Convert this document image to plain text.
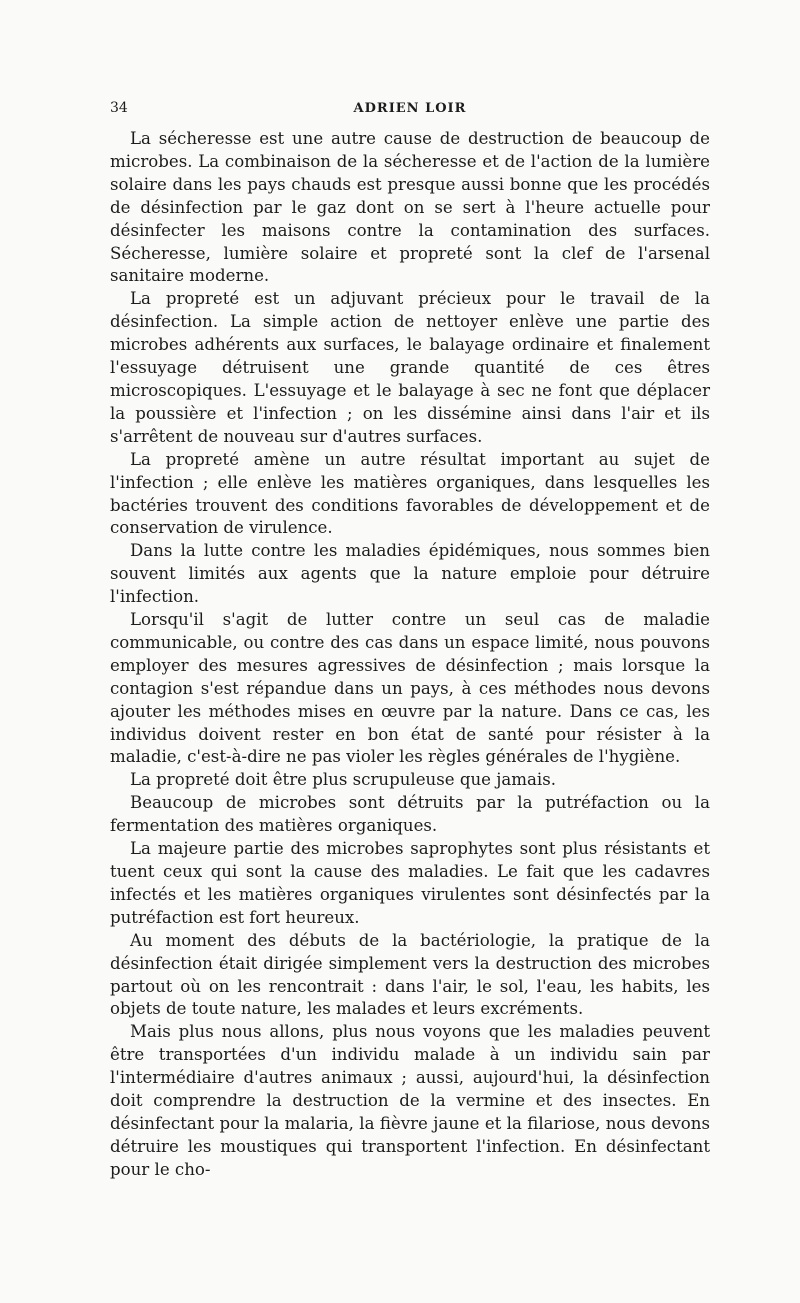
34	ADRIEN LOIR

La sécheresse est une autre cause de destruction de beaucoup de microbes. La combinaison de la sécheresse et de l'action de la lumière solaire dans les pays chauds est presque aussi bonne que les procédés de désinfection par le gaz dont on se sert à l'heure actuelle pour désinfecter les maisons contre la contamination des surfaces. Sécheresse, lumière solaire et propreté sont la clef de l'arsenal sanitaire moderne.

La propreté est un adjuvant précieux pour le travail de la désinfection. La simple action de nettoyer enlève une partie des microbes adhérents aux surfaces, le balayage ordinaire et finalement l'essuyage détruisent une grande quantité de ces êtres microscopiques. L'essuyage et le balayage à sec ne font que déplacer la poussière et l'infection ; on les dissémine ainsi dans l'air et ils s'arrêtent de nouveau sur d'autres surfaces.

La propreté amène un autre résultat important au sujet de l'infection ; elle enlève les matières organiques, dans lesquelles les bactéries trouvent des conditions favorables de développement et de conservation de virulence.

Dans la lutte contre les maladies épidémiques, nous sommes bien souvent limités aux agents que la nature emploie pour détruire l'infection.

Lorsqu'il s'agit de lutter contre un seul cas de maladie communicable, ou contre des cas dans un espace limité, nous pouvons employer des mesures agressives de désinfection ; mais lorsque la contagion s'est répandue dans un pays, à ces méthodes nous devons ajouter les méthodes mises en œuvre par la nature. Dans ce cas, les individus doivent rester en bon état de santé pour résister à la maladie, c'est-à-dire ne pas violer les règles générales de l'hygiène.

La propreté doit être plus scrupuleuse que jamais.

Beaucoup de microbes sont détruits par la putréfaction ou la fermentation des matières organiques.

La majeure partie des microbes saprophytes sont plus résistants et tuent ceux qui sont la cause des maladies. Le fait que les cadavres infectés et les matières organiques virulentes sont désinfectés par la putréfaction est fort heureux.

Au moment des débuts de la bactériologie, la pratique de la désinfection était dirigée simplement vers la destruction des microbes partout où on les rencontrait : dans l'air, le sol, l'eau, les habits, les objets de toute nature, les malades et leurs excréments.

Mais plus nous allons, plus nous voyons que les maladies peuvent être transportées d'un individu malade à un individu sain par l'intermédiaire d'autres animaux ; aussi, aujourd'hui, la désinfection doit comprendre la destruction de la vermine et des insectes. En désinfectant pour la malaria, la fièvre jaune et la filariose, nous devons détruire les moustiques qui transportent l'infection. En désinfectant pour le cho-
